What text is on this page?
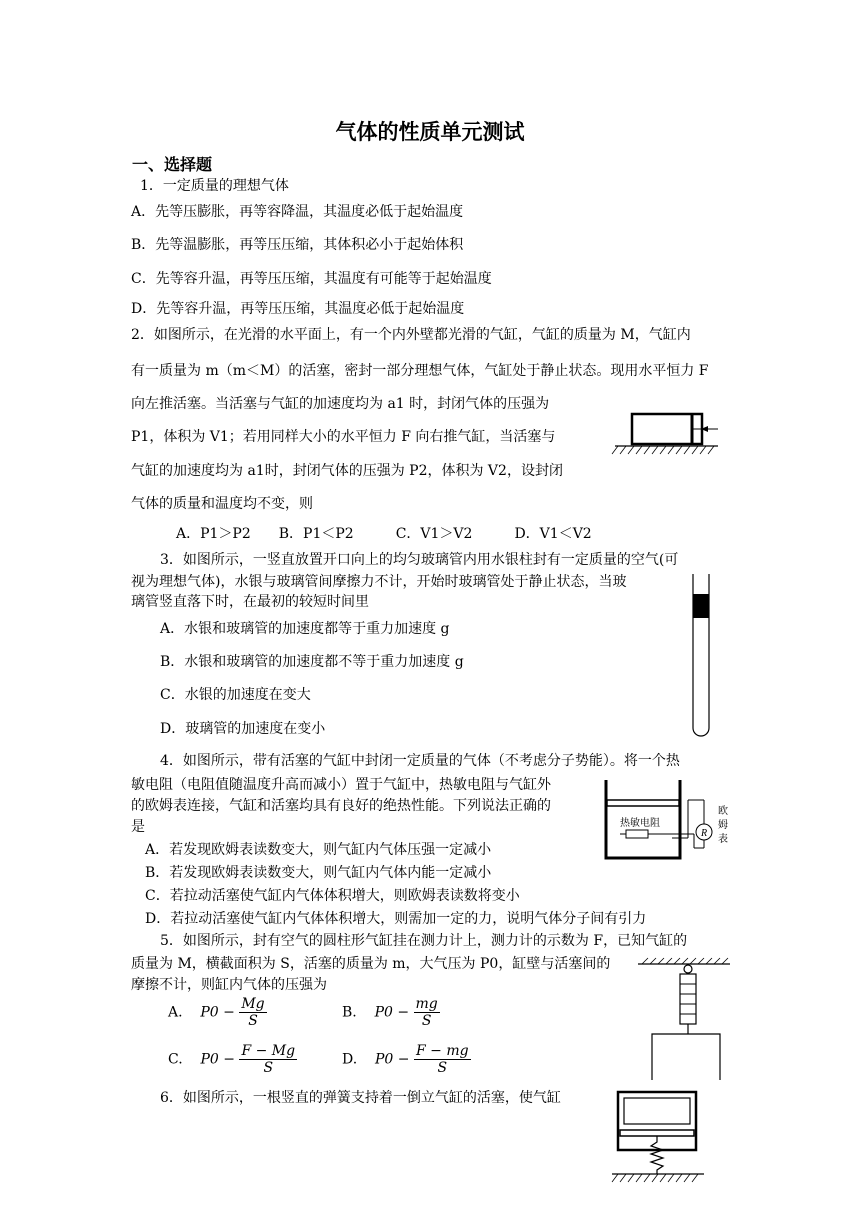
气体的性质单元测试
一、选择题
1．一定质量的理想气体
A．先等压膨胀，再等容降温，其温度必低于起始温度
B．先等温膨胀，再等压压缩，其体积必小于起始体积
C．先等容升温，再等压压缩，其温度有可能等于起始温度
D．先等容升温，再等压压缩，其温度必低于起始温度
2．如图所示，在光滑的水平面上，有一个内外壁都光滑的气缸，气缸的质量为 M，气缸内
有一质量为 m（m＜M）的活塞，密封一部分理想气体，气缸处于静止状态。现用水平恒力 F
向左推活塞。当活塞与气缸的加速度均为 a1 时，封闭气体的压强为
P1，体积为 V1；若用同样大小的水平恒力 F 向右推气缸，当活塞与
气缸的加速度均为 a1时，封闭气体的压强为 P2，体积为 V2，设封闭
气体的质量和温度均不变，则
A．P1＞P2　　B．P1＜P2　　　C．V1＞V2　　　D．V1＜V2
3．如图所示，一竖直放置开口向上的均匀玻璃管内用水银柱封有一定质量的空气(可
视为理想气体)，水银与玻璃管间摩擦力不计，开始时玻璃管处于静止状态，当玻
璃管竖直落下时，在最初的较短时间里
A．水银和玻璃管的加速度都等于重力加速度 g
B．水银和玻璃管的加速度都不等于重力加速度 g
C．水银的加速度在变大
D．玻璃管的加速度在变小
4．如图所示，带有活塞的气缸中封闭一定质量的气体（不考虑分子势能）。将一个热
敏电阻（电阻值随温度升高而减小）置于气缸中，热敏电阻与气缸外
的欧姆表连接，气缸和活塞均具有良好的绝热性能。下列说法正确的
是
A．若发现欧姆表读数变大，则气缸内气体压强一定减小
B．若发现欧姆表读数变大，则气缸内气体内能一定减小
C．若拉动活塞使气缸内气体体积增大，则欧姆表读数将变小
D．若拉动活塞使气缸内气体体积增大，则需加一定的力，说明气体分子间有引力
R
热敏电阻
欧
姆
表
5．如图所示，封有空气的圆柱形气缸挂在测力计上，测力计的示数为 F，已知气缸的
质量为 M，横截面积为 S，活塞的质量为 m，大气压为 P0，缸壁与活塞间的
摩擦不计，则缸内气体的压强为
A. $P0 - \frac{Mg}{S}$	B. $P0 - \frac{mg}{S}$
C. $P0 - \frac{F - Mg}{S}$	D. $P0 - \frac{F - mg}{S}$
6．如图所示，一根竖直的弹簧支持着一倒立气缸的活塞，使气缸
